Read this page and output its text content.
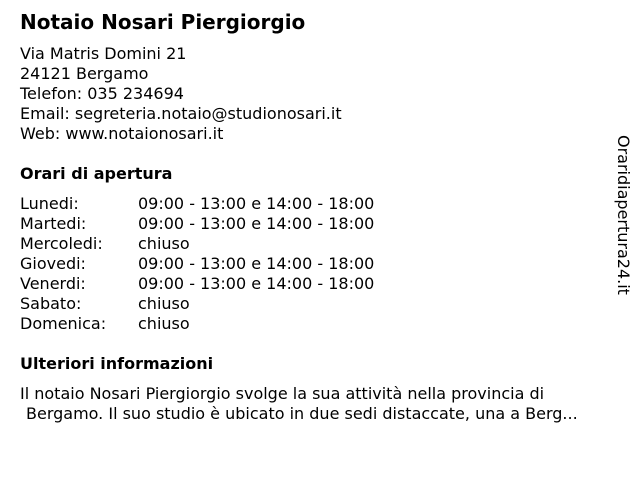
Notaio Nosari Piergiorgio
Via Matris Domini 21
24121 Bergamo
Telefon: 035 234694
Email: segreteria.notaio@studionosari.it
Web: www.notaionosari.it
Orari di apertura
Lunedi:	09:00 - 13:00 e 14:00 - 18:00
Martedi:	09:00 - 13:00 e 14:00 - 18:00
Mercoledi:	chiuso
Giovedi:	09:00 - 13:00 e 14:00 - 18:00
Venerdi:	09:00 - 13:00 e 14:00 - 18:00
Sabato:	chiuso
Domenica:	chiuso
Ulteriori informazioni
Il notaio Nosari Piergiorgio svolge la sua attività nella provincia di
Bergamo. Il suo studio è ubicato in due sedi distaccate, una a Berg...
Oraridiapertura24.it
